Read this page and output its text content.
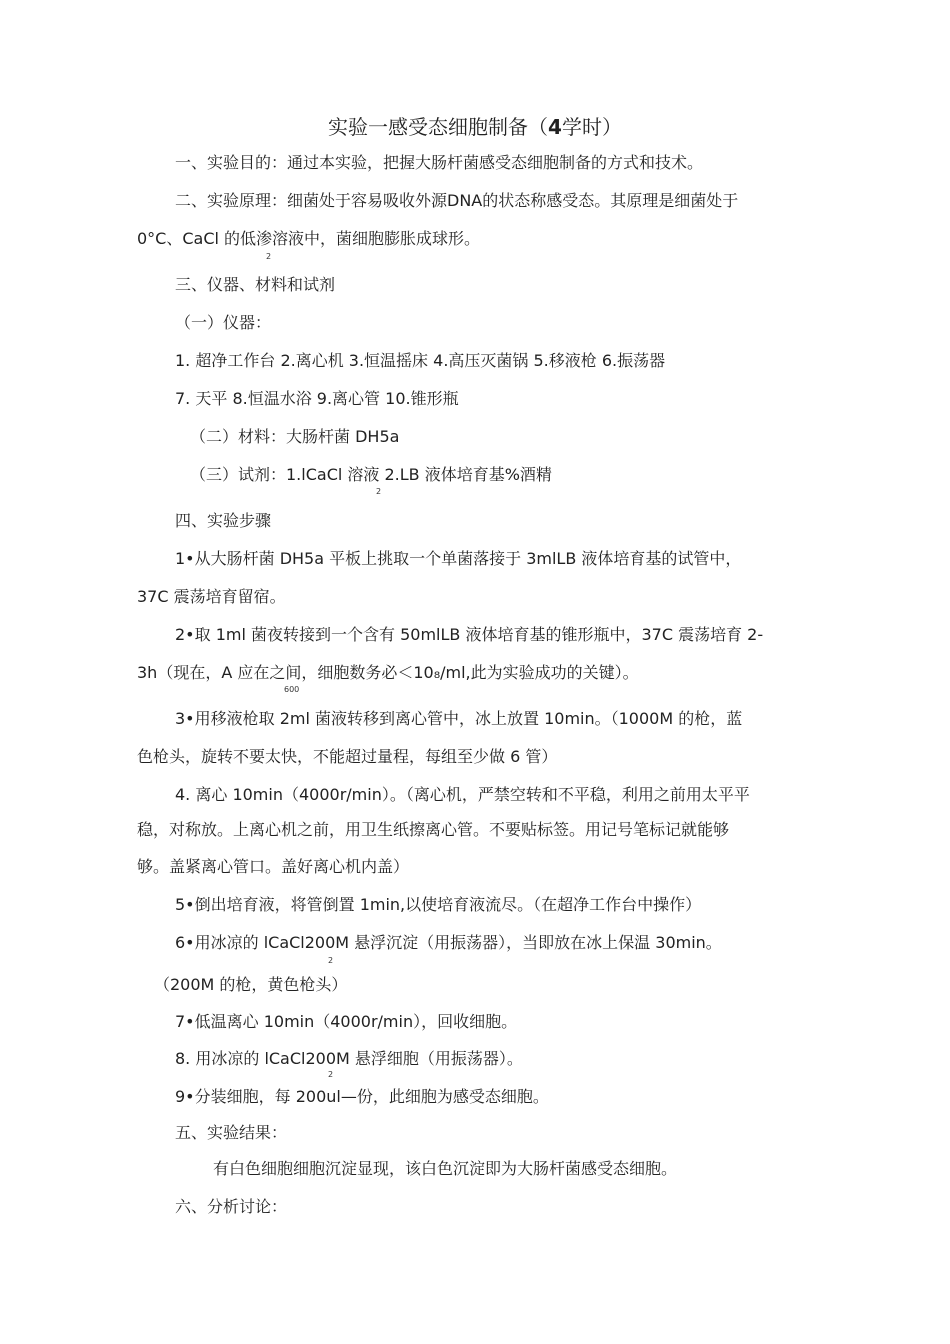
实验一感受态细胞制备（4学时）
一、实验目的：通过本实验，把握大肠杆菌感受态细胞制备的方式和技术。
二、实验原理：细菌处于容易吸收外源DNA的状态称感受态。其原理是细菌处于
0°C、CaCl 的低渗溶液中，菌细胞膨胀成球形。
2
三、仪器、材料和试剂
（一）仪器：
1. 超净工作台 2.离心机 3.恒温摇床 4.高压灭菌锅 5.移液枪 6.振荡器
7. 天平 8.恒温水浴 9.离心管 10.锥形瓶
（二）材料：大肠杆菌 DH5a
（三）试剂：1.lCaCl 溶液 2.LB 液体培育基%酒精
2
四、实验步骤
1•从大肠杆菌 DH5a 平板上挑取一个单菌落接于 3mlLB 液体培育基的试管中，
37C 震荡培育留宿。
2•取 1ml 菌夜转接到一个含有 50mlLB 液体培育基的锥形瓶中，37C 震荡培育 2-
3h（现在，A 应在之间，细胞数务必＜10₈/ml,此为实验成功的关键）。
600
3•用移液枪取 2ml 菌液转移到离心管中，冰上放置 10min。（1000M 的枪，蓝
色枪头，旋转不要太快，不能超过量程，每组至少做 6 管）
4. 离心 10min（4000r/min）。（离心机，严禁空转和不平稳，利用之前用太平平
稳，对称放。上离心机之前，用卫生纸擦离心管。不要贴标签。用记号笔标记就能够
够。盖紧离心管口。盖好离心机内盖）
5•倒出培育液，将管倒置 1min,以使培育液流尽。（在超净工作台中操作）
6•用冰凉的 lCaCl200M 悬浮沉淀（用振荡器），当即放在冰上保温 30min。
2
（200M 的枪，黄色枪头）
7•低温离心 10min（4000r/min），回收细胞。
8. 用冰凉的 lCaCl200M 悬浮细胞（用振荡器）。
2
9•分装细胞，每 200ul—份，此细胞为感受态细胞。
五、实验结果：
有白色细胞细胞沉淀显现，该白色沉淀即为大肠杆菌感受态细胞。
六、分析讨论：
